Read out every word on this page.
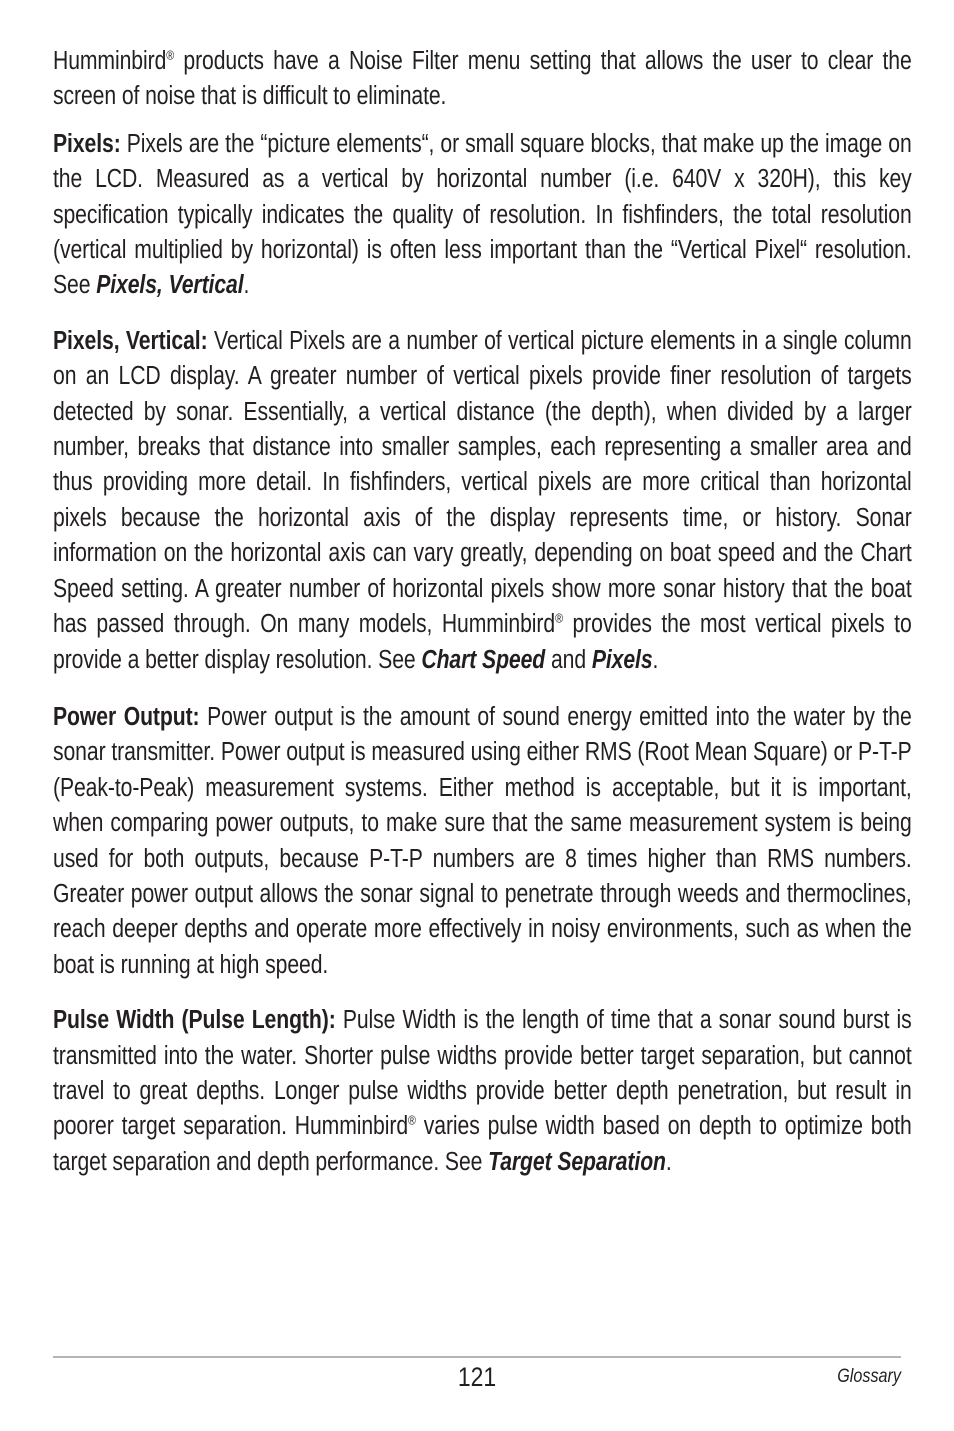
Humminbird® products have a Noise Filter menu setting that allows the user to clear the screen of noise that is difficult to eliminate.

Pixels: Pixels are the “picture elements“, or small square blocks, that make up the image on the LCD. Measured as a vertical by horizontal number (i.e. 640V x 320H), this key specification typically indicates the quality of resolution. In fishfinders, the total resolution (vertical multiplied by horizontal) is often less important than the “Vertical Pixel“ resolution. See Pixels, Vertical.

Pixels, Vertical: Vertical Pixels are a number of vertical picture elements in a single column on an LCD display. A greater number of vertical pixels provide finer resolution of targets detected by sonar. Essentially, a vertical distance (the depth), when divided by a larger number, breaks that distance into smaller samples, each representing a smaller area and thus providing more detail. In fishfinders, vertical pixels are more critical than horizontal pixels because the horizontal axis of the display represents time, or history. Sonar information on the horizontal axis can vary greatly, depending on boat speed and the Chart Speed setting. A greater number of horizontal pixels show more sonar history that the boat has passed through. On many models, Humminbird® provides the most vertical pixels to provide a better display resolution. See Chart Speed and Pixels.

Power Output: Power output is the amount of sound energy emitted into the water by the sonar transmitter. Power output is measured using either RMS (Root Mean Square) or P-T-P (Peak-to-Peak) measurement systems. Either method is acceptable, but it is important, when comparing power outputs, to make sure that the same measurement system is being used for both outputs, because P-T-P numbers are 8 times higher than RMS numbers. Greater power output allows the sonar signal to penetrate through weeds and thermoclines, reach deeper depths and operate more effectively in noisy environments, such as when the boat is running at high speed.

Pulse Width (Pulse Length): Pulse Width is the length of time that a sonar sound burst is transmitted into the water. Shorter pulse widths provide better target separation, but cannot travel to great depths. Longer pulse widths provide better depth penetration, but result in poorer target separation. Humminbird® varies pulse width based on depth to optimize both target separation and depth performance. See Target Separation.

121	Glossary
